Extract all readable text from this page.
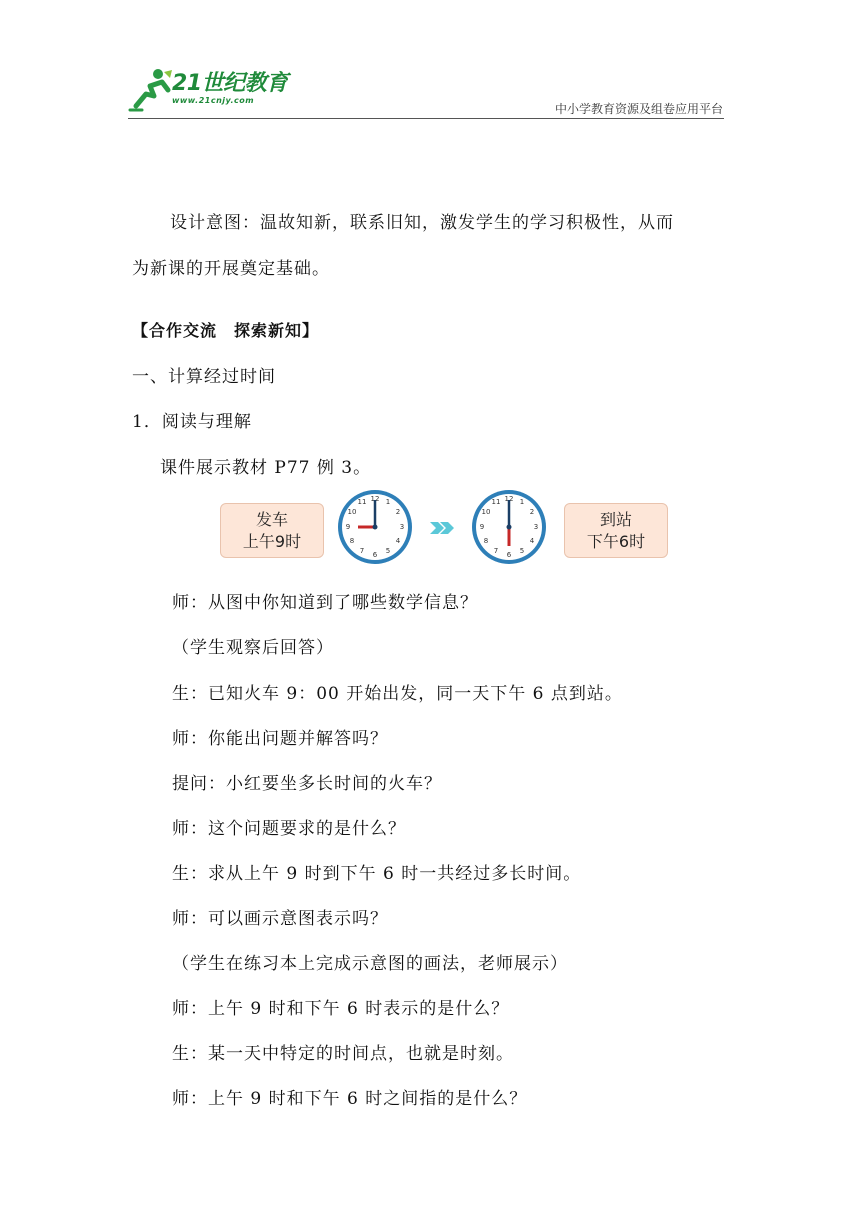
21世纪教育
www.21cnjy.com
中小学教育资源及组卷应用平台
设计意图：温故知新，联系旧知，激发学生的学习积极性，从而
为新课的开展奠定基础。
【合作交流　探索新知】
一、计算经过时间
1．阅读与理解
课件展示教材 P77 例 3。
发车
上午9时
12 1
2
3
4
5
6
7
8
9
10
11	12 1
2
3
4
5
6
7
8
9
10
11
到站
下午6时
师：从图中你知道到了哪些数学信息？
（学生观察后回答）
生：已知火车 9：00 开始出发，同一天下午 6 点到站。
师：你能出问题并解答吗？
提问：小红要坐多长时间的火车？
师：这个问题要求的是什么？
生：求从上午 9 时到下午 6 时一共经过多长时间。
师：可以画示意图表示吗？
（学生在练习本上完成示意图的画法，老师展示）
师：上午 9 时和下午 6 时表示的是什么？
生：某一天中特定的时间点，也就是时刻。
师：上午 9 时和下午 6 时之间指的是什么？
